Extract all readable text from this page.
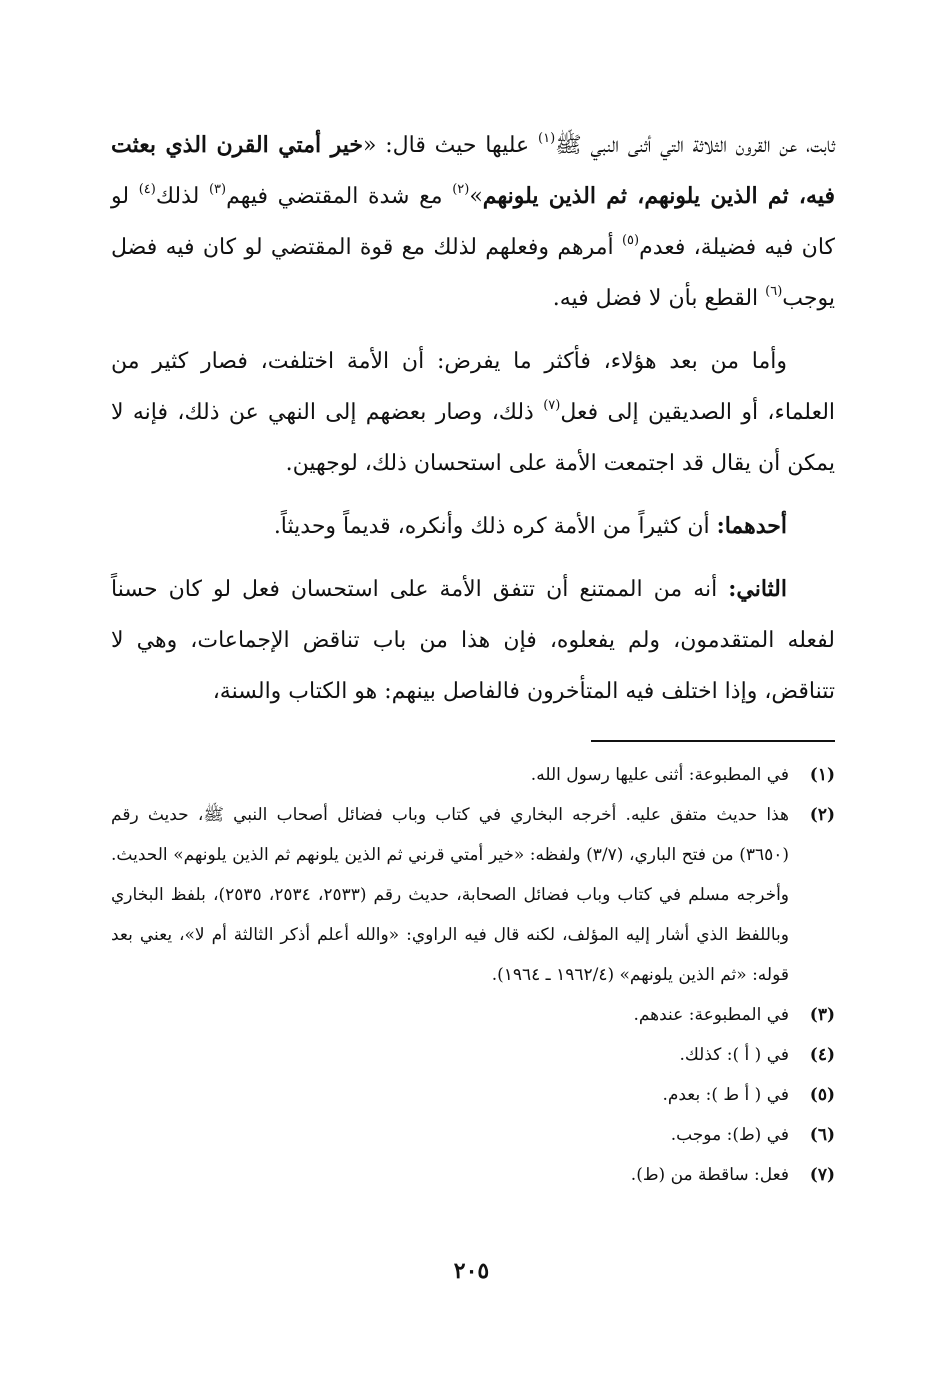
ثابت، عن القرون الثلاثة التي أثنى النبي ﷺ$^{(١)}$ عليها حيث قال: «خير أمتي القرن الذي بعثت فيه، ثم الذين يلونهم، ثم الذين يلونهم»$^{(٢)}$ مع شدة المقتضي فيهم$^{(٣)}$ لذلك$^{(٤)}$ لو كان فيه فضيلة، فعدم$^{(٥)}$ أمرهم وفعلهم لذلك مع قوة المقتضي لو كان فيه فضل يوجب$^{(٦)}$ القطع بأن لا فضل فيه.

وأما من بعد هؤلاء، فأكثر ما يفرض: أن الأمة اختلفت، فصار كثير من العلماء، أو الصديقين إلى فعل$^{(٧)}$ ذلك، وصار بعضهم إلى النهي عن ذلك، فإنه لا يمكن أن يقال قد اجتمعت الأمة على استحسان ذلك، لوجهين.

أحدهما: أن كثيراً من الأمة كره ذلك وأنكره، قديماً وحديثاً.

الثاني: أنه من الممتنع أن تتفق الأمة على استحسان فعل لو كان حسناً لفعله المتقدمون، ولم يفعلوه، فإن هذا من باب تناقض الإجماعات، وهي لا تتناقض، وإذا اختلف فيه المتأخرون فالفاصل بينهم: هو الكتاب والسنة،

(١)
في المطبوعة: أثنى عليها رسول الله.
(٢)
هذا حديث متفق عليه. أخرجه البخاري في كتاب وباب فضائل أصحاب النبي ﷺ، حديث رقم (٣٦٥٠) من فتح الباري، (٣/٧) ولفظه: «خير أمتي قرني ثم الذين يلونهم ثم الذين يلونهم» الحديث. وأخرجه مسلم في كتاب وباب فضائل الصحابة، حديث رقم (٢٥٣٣، ٢٥٣٤، ٢٥٣٥)، بلفظ البخاري وباللفظ الذي أشار إليه المؤلف، لكنه قال فيه الراوي: «والله أعلم أذكر الثالثة أم لا»، يعني بعد قوله: «ثم الذين يلونهم» (١٩٦٢/٤ ـ ١٩٦٤).
(٣)
في المطبوعة: عندهم.
(٤)
في ( أ ): كذلك.
(٥)
في ( أ ط ): بعدم.
(٦)
في (ط): موجب.
(٧)
فعل: ساقطة من (ط).
٢٠٥
